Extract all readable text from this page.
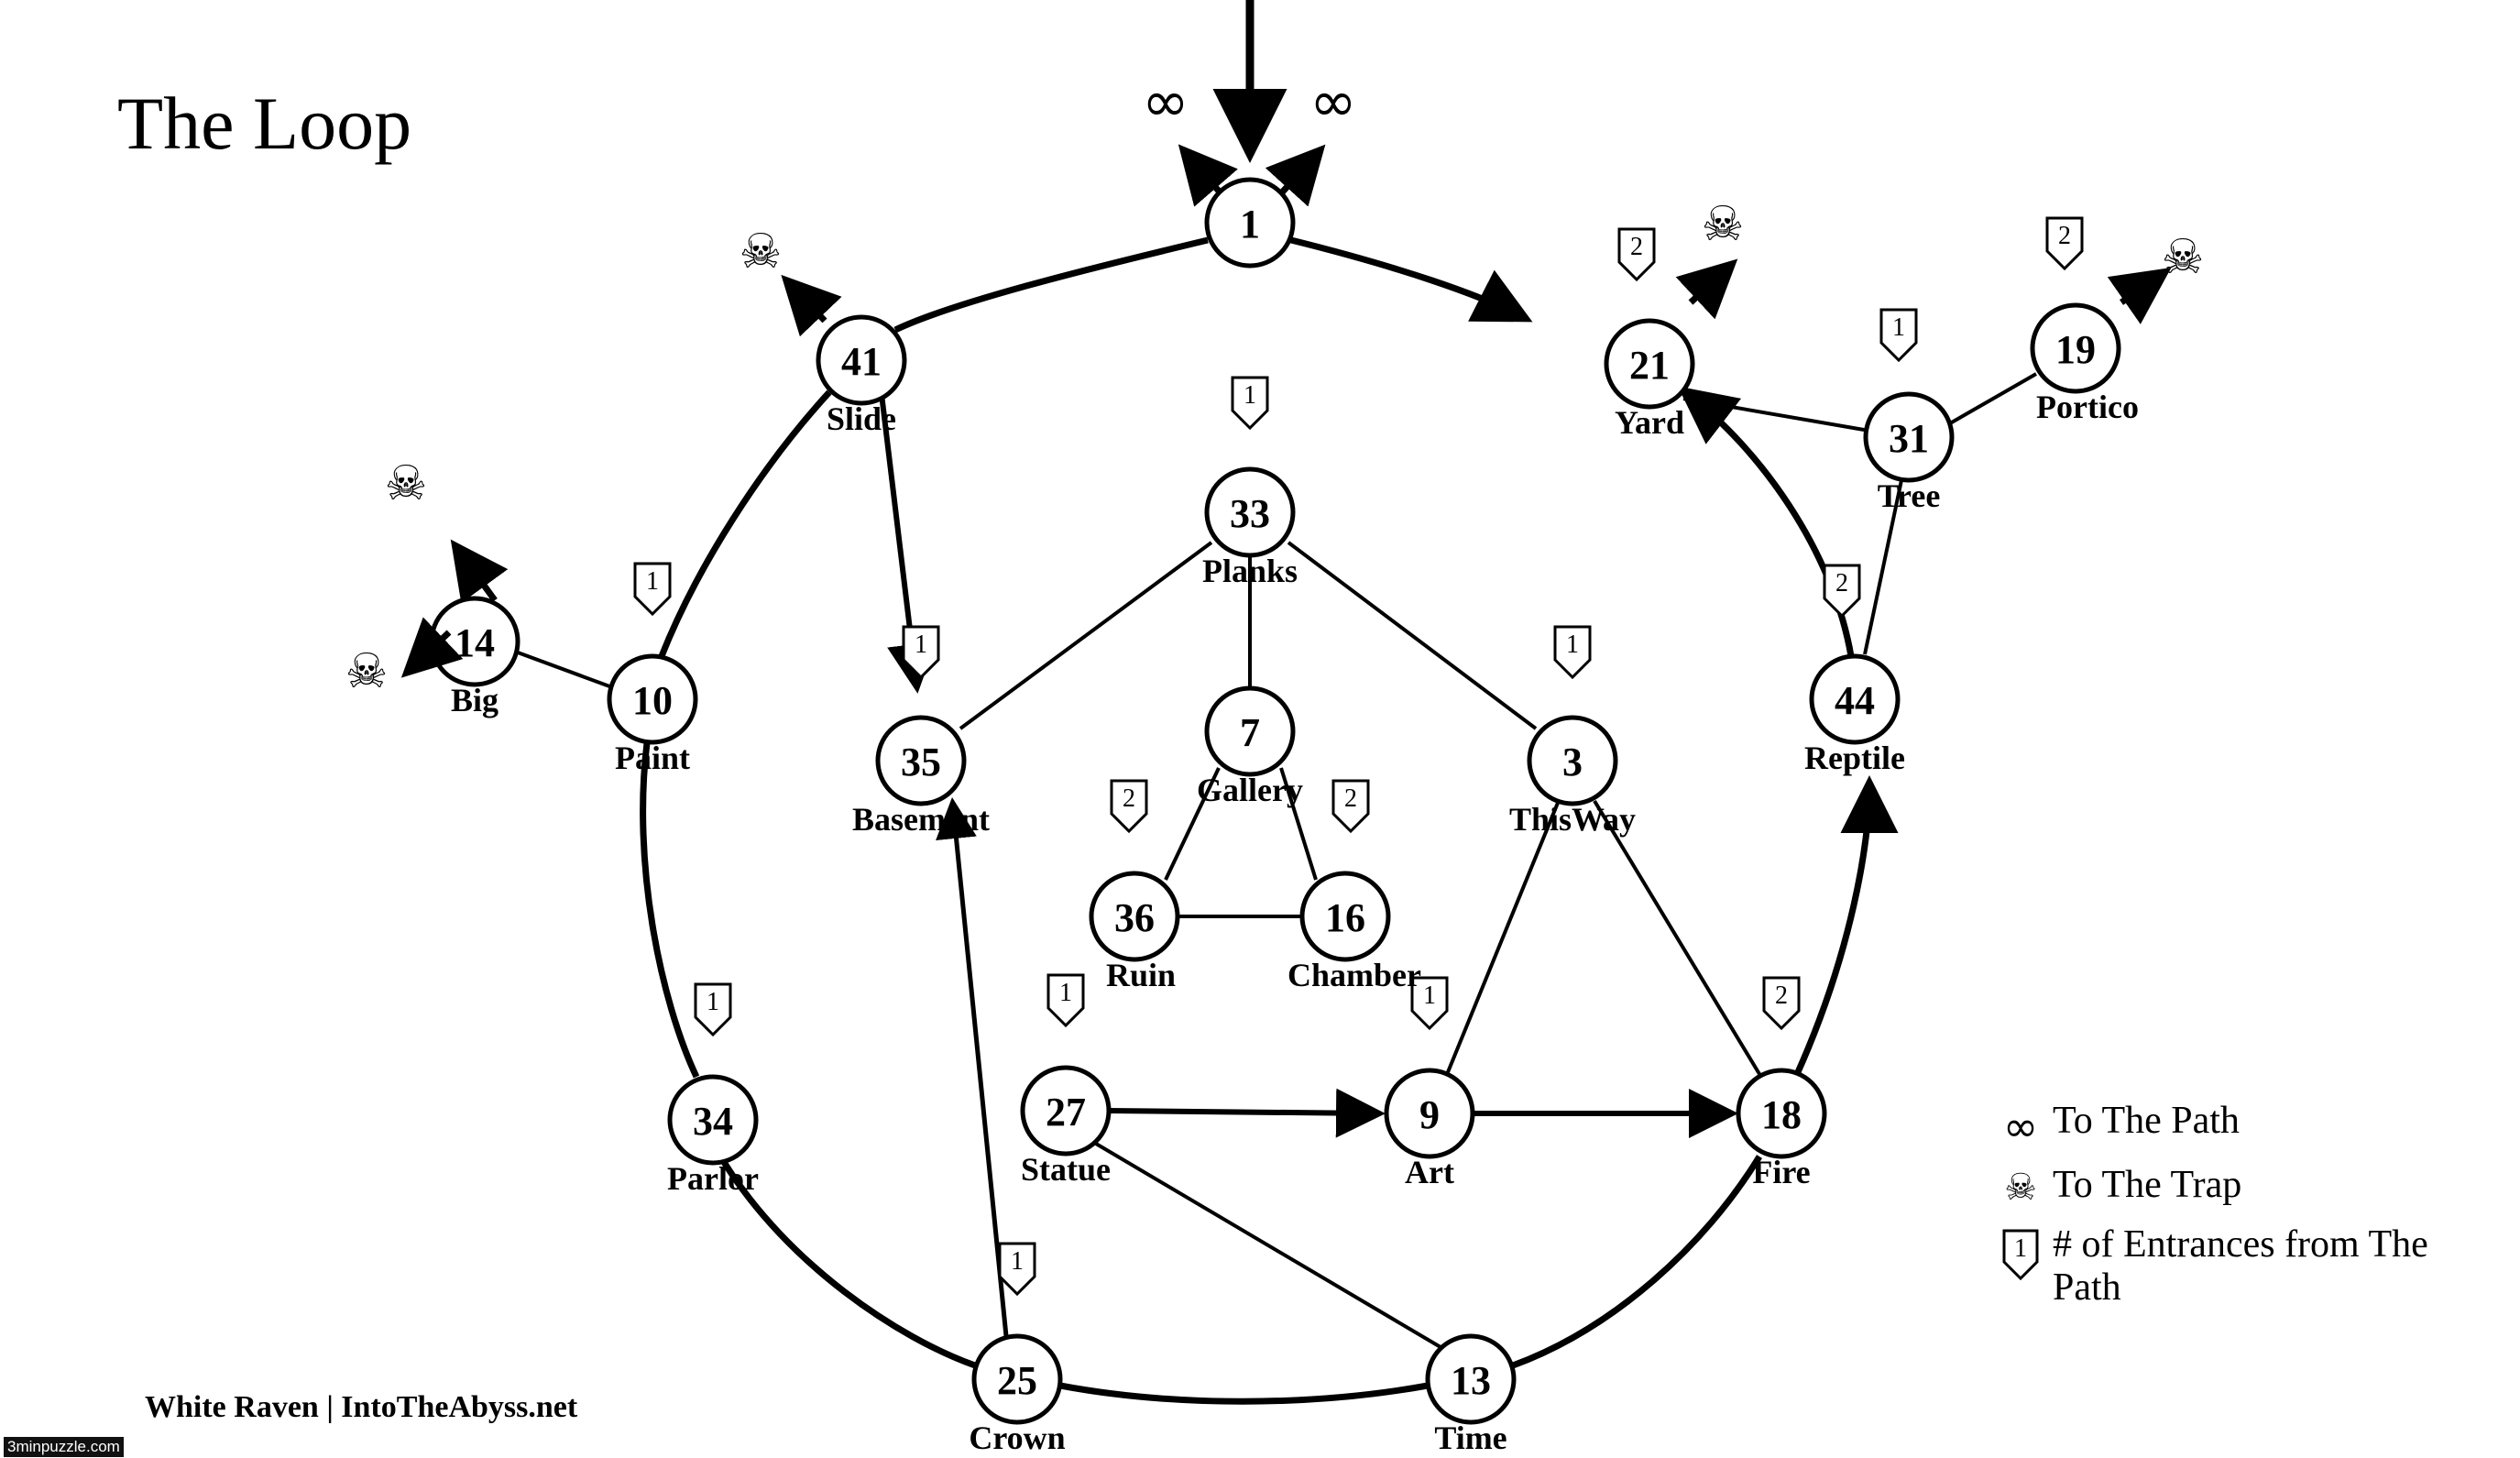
The Loop
White Raven | IntoTheAbyss.net
3minpuzzle.com
1
41	21	19
31
33
14
10
7
35	3
44
36	16
34	27	9	18
25	13
2	2
1
1
1
1
2
1
2	2
1	1	2
1
1
∞ ∞
☠	☠
☠
☠
☠
Slide	Yard	Portico
Tree
Planks
Big
Paint
Gallery
Basement	ThisWay
Reptile
Ruin	Chamber
Parlor	Statue	Art	Fire
Crown	Time
∞ To The Path
☠ To The Trap
1 # of Entrances from The Path
